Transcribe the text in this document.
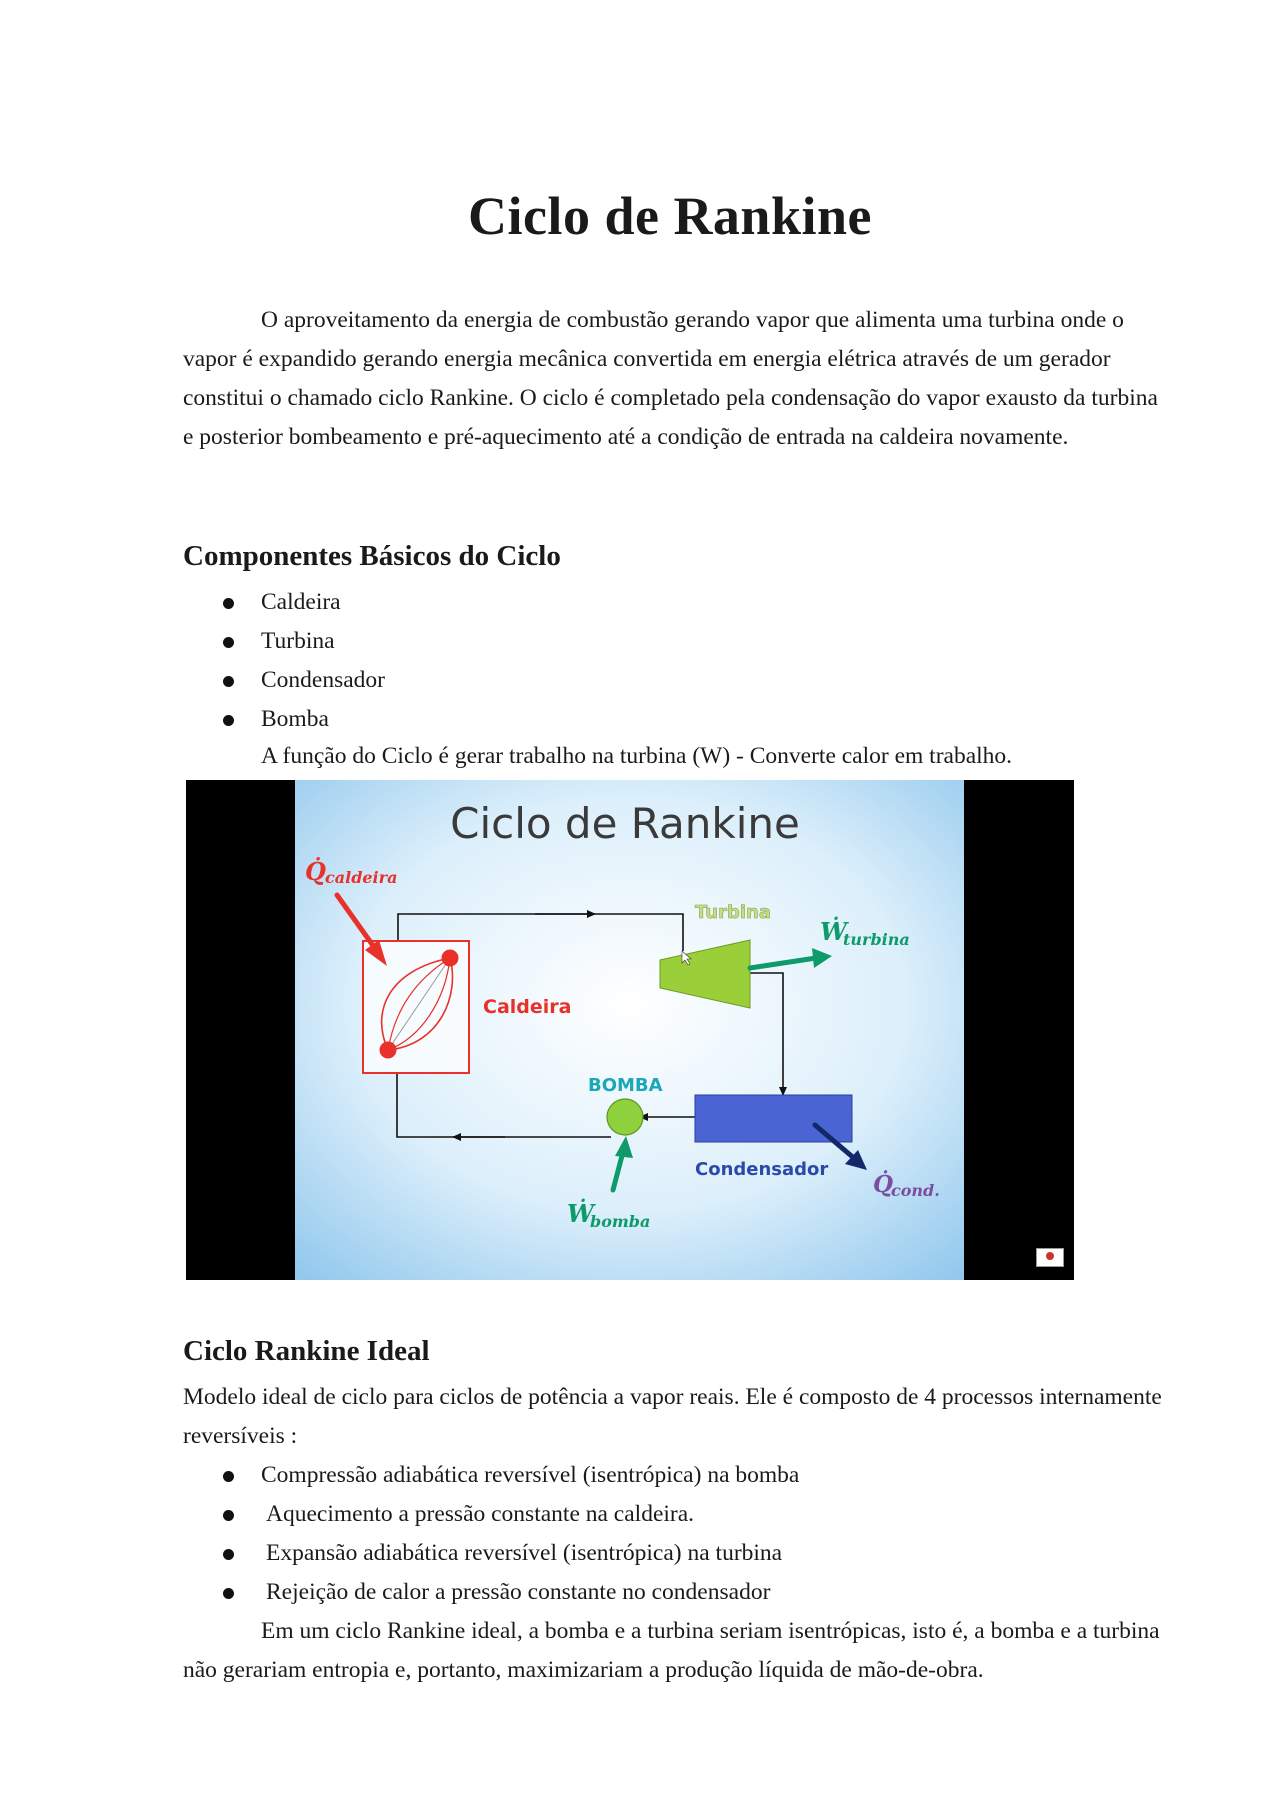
Ciclo de Rankine

O aproveitamento da energia de combustão gerando vapor que alimenta uma turbina onde o vapor é expandido gerando energia mecânica convertida em energia elétrica através de um gerador constitui o chamado ciclo Rankine. O ciclo é completado pela condensação do vapor exausto da turbina e posterior bombeamento e pré-aquecimento até a condição de entrada na caldeira novamente.

Componentes Básicos do Ciclo
Caldeira
Turbina
Condensador
Bomba

A função do Ciclo é gerar trabalho na turbina (W) - Converte calor em trabalho.

Ciclo de Rankine
Caldeira
Q̇ caldeira
Turbina
Ẇ
turbina
Condensador
Q̇
cond.
BOMBA
Ẇ
bomba
Ciclo Rankine Ideal

Modelo ideal de ciclo para ciclos de potência a vapor reais. Ele é composto de 4 processos internamente reversíveis :

Compressão adiabática reversível (isentrópica) na bomba
Aquecimento a pressão constante na caldeira.
Expansão adiabática reversível (isentrópica) na turbina
Rejeição de calor a pressão constante no condensador

Em um ciclo Rankine ideal, a bomba e a turbina seriam isentrópicas, isto é, a bomba e a turbina não gerariam entropia e, portanto, maximizariam a produção líquida de mão-de-obra.
